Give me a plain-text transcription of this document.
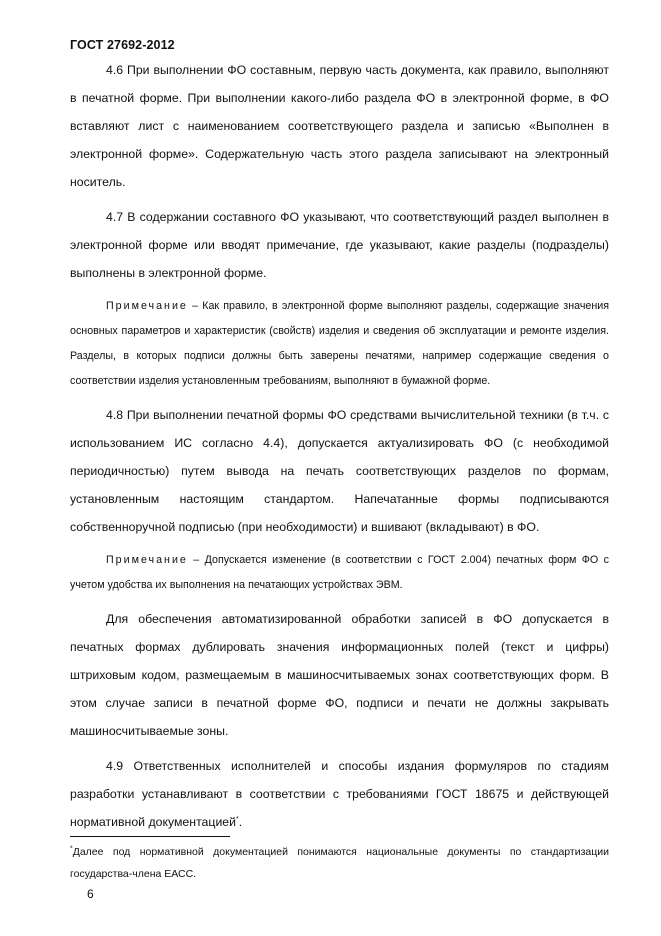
ГОСТ 27692-2012

4.6 При выполнении ФО составным, первую часть документа, как правило, выполняют в печатной форме. При выполнении какого-либо раздела ФО в электронной форме, в ФО вставляют лист с наименованием соответствующего раздела и записью «Выполнен в электронной форме». Содержательную часть этого раздела записывают на электронный носитель.

4.7 В содержании составного ФО указывают, что соответствующий раздел выполнен в электронной форме или вводят примечание, где указывают, какие разделы (подразделы) выполнены в электронной форме.

Примечание – Как правило, в электронной форме выполняют разделы, содержащие значения основных параметров и характеристик (свойств) изделия и сведения об эксплуатации и ремонте изделия. Разделы, в которых подписи должны быть заверены печатями, например содержащие сведения о соответствии изделия установленным требованиям, выполняют в бумажной форме.

4.8 При выполнении печатной формы ФО средствами вычислительной техники (в т.ч. с использованием ИС согласно 4.4), допускается актуализировать ФО (с необходимой периодичностью) путем вывода на печать соответствующих разделов по формам, установленным настоящим стандартом. Напечатанные формы подписываются собственноручной подписью (при необходимости) и вшивают (вкладывают) в ФО.

Примечание – Допускается изменение (в соответствии с ГОСТ 2.004) печатных форм ФО с учетом удобства их выполнения на печатающих устройствах ЭВМ.

Для обеспечения автоматизированной обработки записей в ФО допускается в печатных формах дублировать значения информационных полей (текст и цифры) штриховым кодом, размещаемым в машиносчитываемых зонах соответствующих форм. В этом случае записи в печатной форме ФО, подписи и печати не должны закрывать машиносчитываемые зоны.

4.9 Ответственных исполнителей и способы издания формуляров по стадиям разработки устанавливают в соответствии с требованиями ГОСТ 18675 и действующей нормативной документацией*.

*Далее под нормативной документацией понимаются национальные документы по стандартизации государства-члена ЕАСС.

6
